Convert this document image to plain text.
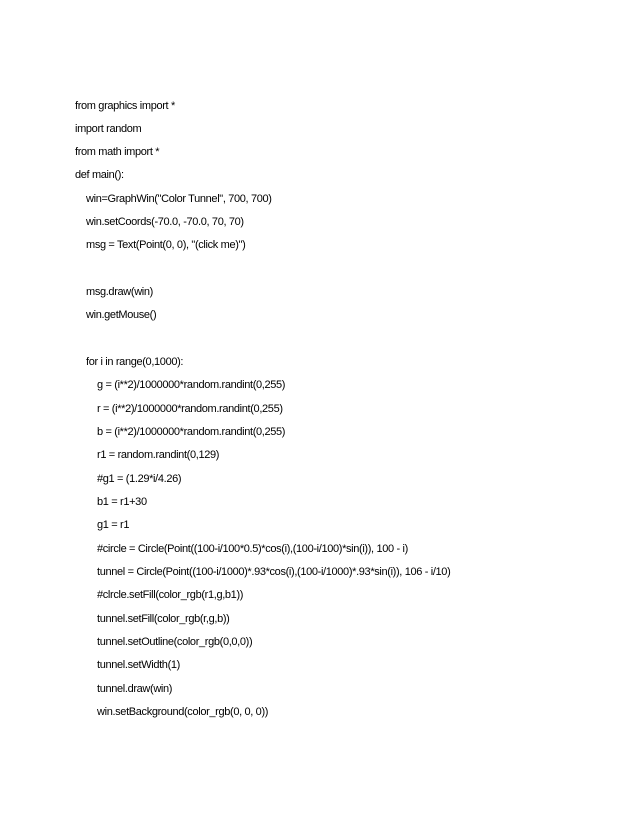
from graphics import *
import random
from math import *
def main():
win=GraphWin("Color Tunnel", 700, 700)
win.setCoords(-70.0, -70.0, 70, 70)
msg = Text(Point(0, 0), "(click me)")
msg.draw(win)
win.getMouse()
for i in range(0,1000):
g = (i**2)/1000000*random.randint(0,255)
r = (i**2)/1000000*random.randint(0,255)
b = (i**2)/1000000*random.randint(0,255)
r1 = random.randint(0,129)
#g1 = (1.29*i/4.26)
b1 = r1+30
g1 = r1
#circle = Circle(Point((100-i/100*0.5)*cos(i),(100-i/100)*sin(i)), 100 - i)
tunnel = Circle(Point((100-i/1000)*.93*cos(i),(100-i/1000)*.93*sin(i)), 106 - i/10)
#clrcle.setFill(color_rgb(r1,g,b1))
tunnel.setFill(color_rgb(r,g,b))
tunnel.setOutline(color_rgb(0,0,0))
tunnel.setWidth(1)
tunnel.draw(win)
win.setBackground(color_rgb(0, 0, 0))
